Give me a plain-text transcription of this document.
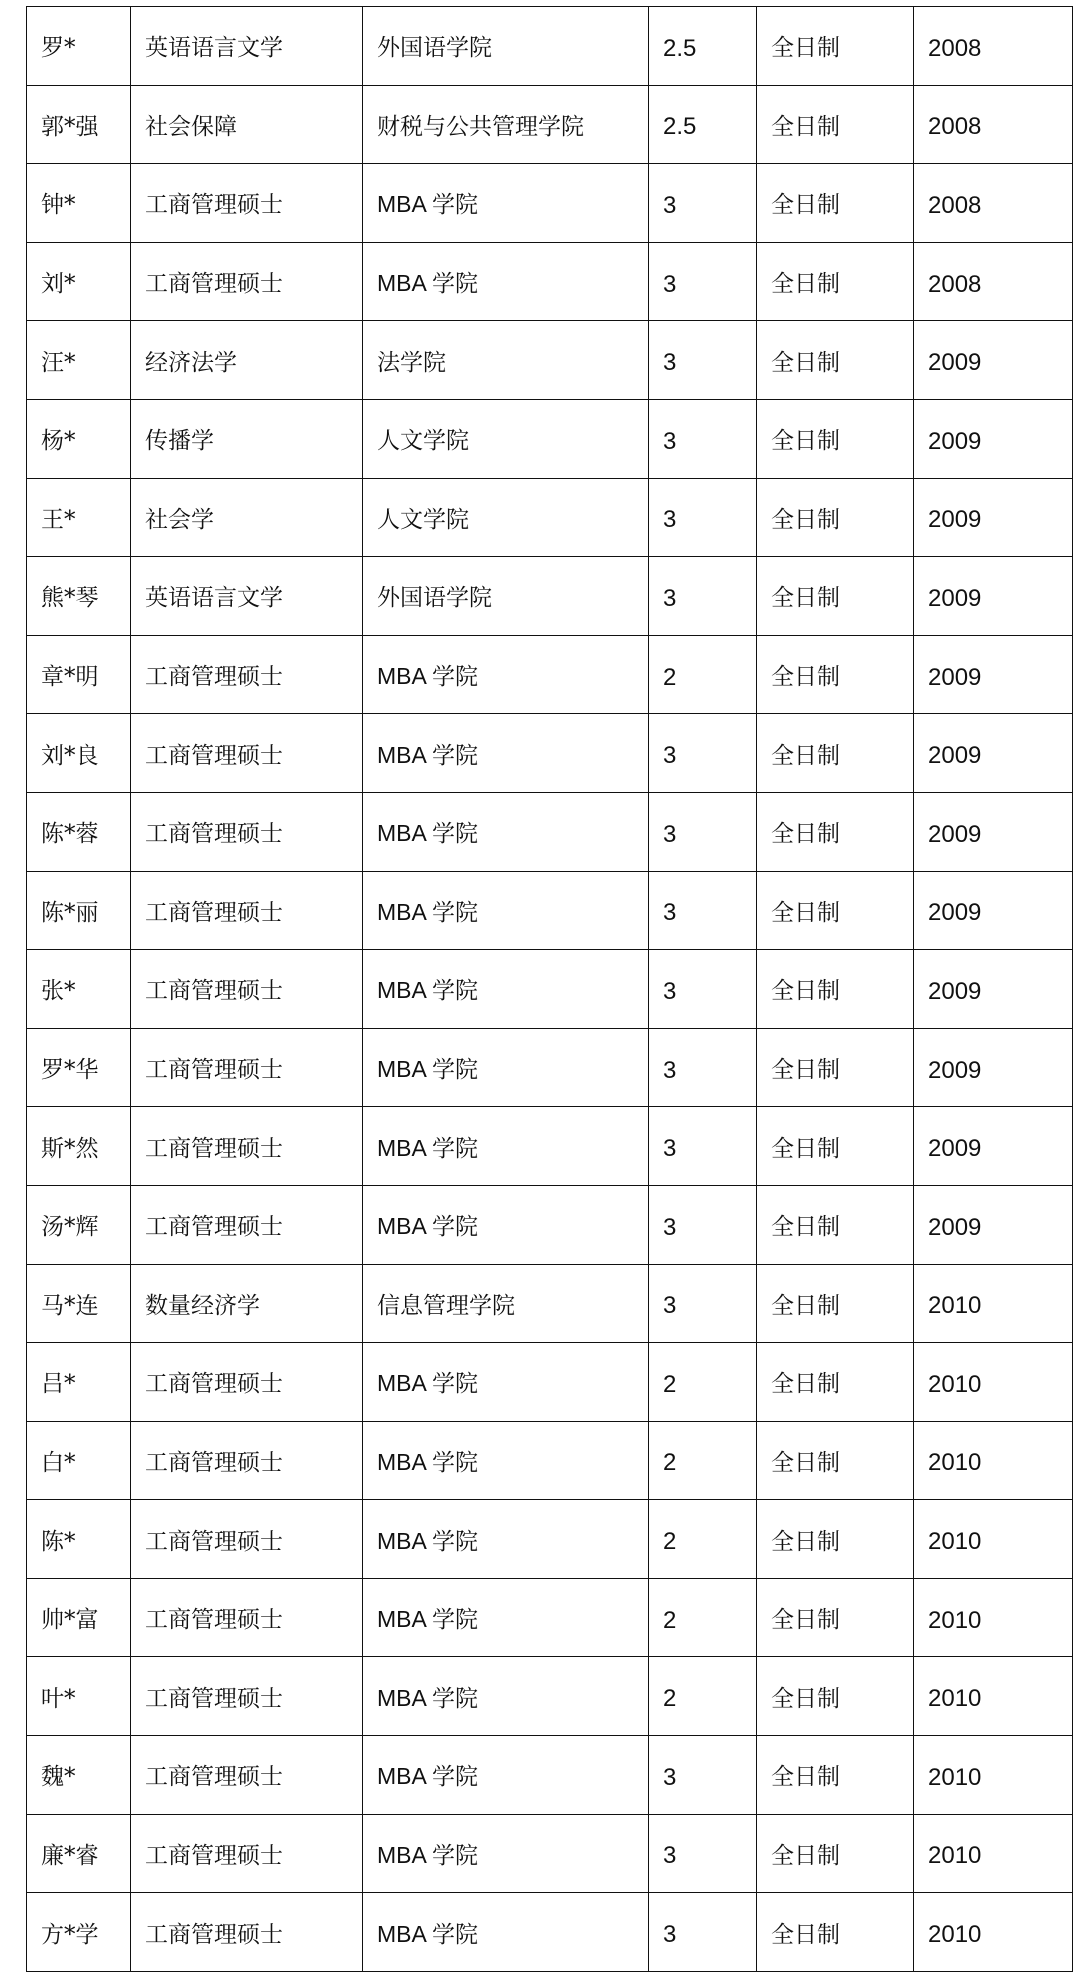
罗*	英语语言文学	外国语学院	2.5	全日制	2008
郭*强	社会保障	财税与公共管理学院	2.5	全日制	2008
钟*	工商管理硕士	MBA 学院	3	全日制	2008
刘*	工商管理硕士	MBA 学院	3	全日制	2008
汪*	经济法学	法学院	3	全日制	2009
杨*	传播学	人文学院	3	全日制	2009
王*	社会学	人文学院	3	全日制	2009
熊*琴	英语语言文学	外国语学院	3	全日制	2009
章*明	工商管理硕士	MBA 学院	2	全日制	2009
刘*良	工商管理硕士	MBA 学院	3	全日制	2009
陈*蓉	工商管理硕士	MBA 学院	3	全日制	2009
陈*丽	工商管理硕士	MBA 学院	3	全日制	2009
张*	工商管理硕士	MBA 学院	3	全日制	2009
罗*华	工商管理硕士	MBA 学院	3	全日制	2009
斯*然	工商管理硕士	MBA 学院	3	全日制	2009
汤*辉	工商管理硕士	MBA 学院	3	全日制	2009
马*连	数量经济学	信息管理学院	3	全日制	2010
吕*	工商管理硕士	MBA 学院	2	全日制	2010
白*	工商管理硕士	MBA 学院	2	全日制	2010
陈*	工商管理硕士	MBA 学院	2	全日制	2010
帅*富	工商管理硕士	MBA 学院	2	全日制	2010
叶*	工商管理硕士	MBA 学院	2	全日制	2010
魏*	工商管理硕士	MBA 学院	3	全日制	2010
廉*睿	工商管理硕士	MBA 学院	3	全日制	2010
方*学	工商管理硕士	MBA 学院	3	全日制	2010
